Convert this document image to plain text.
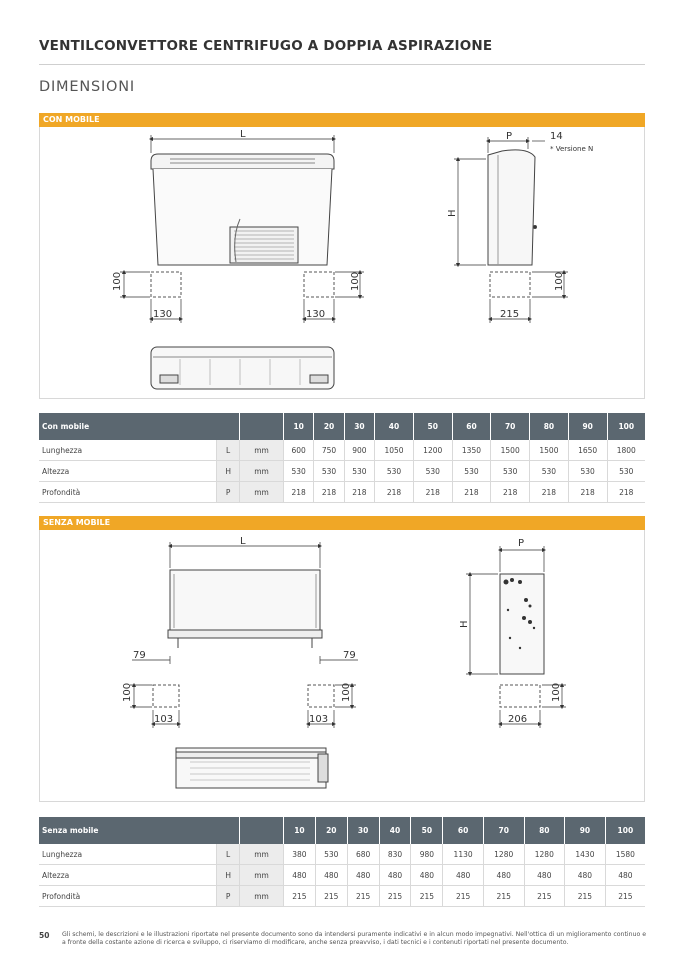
VENTILCONVETTORE CENTRIFUGO A DOPPIA ASPIRAZIONE
DIMENSIONI
CON MOBILE
L
100	100
130	130
P	14
* Versione N
H
100
215
Con mobile			10	20	30	40	50	60	70	80	90	100
Lunghezza	L	mm	600	750	900	1050	1200	1350	1500	1500	1650	1800
Altezza	H	mm	530	530	530	530	530	530	530	530	530	530
Profondità	P	mm	218	218	218	218	218	218	218	218	218	218
SENZA MOBILE
L
79	79
100	100
103	103
P
H
100
206
Senza mobile			10	20	30	40	50	60	70	80	90	100
Lunghezza	L	mm	380	530	680	830	980	1130	1280	1280	1430	1580
Altezza	H	mm	480	480	480	480	480	480	480	480	480	480
Profondità	P	mm	215	215	215	215	215	215	215	215	215	215
50 Gli schemi, le descrizioni e le illustrazioni riportate nel presente documento sono da intendersi puramente indicativi e in alcun modo impegnativi. Nell'ottica di un miglioramento continuo e a fronte della costante azione di ricerca e sviluppo, ci riserviamo di modificare, anche senza preavviso, i dati tecnici e i contenuti riportati nel presente documento.
